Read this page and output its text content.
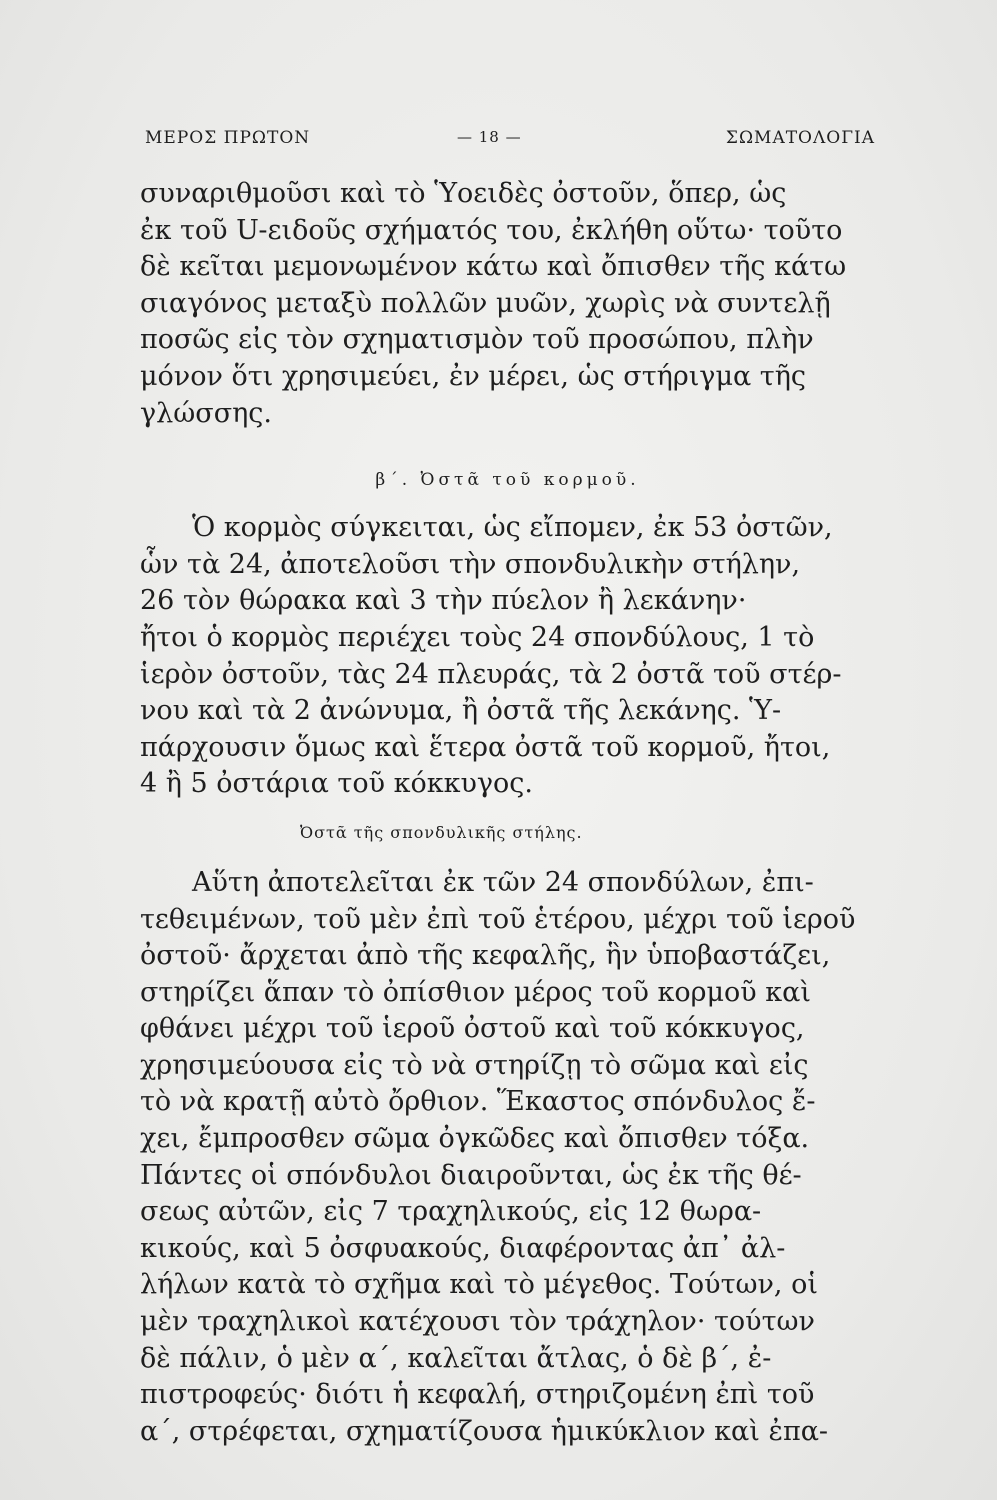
ΜΕΡΟΣ ΠΡΩΤΟΝ	— 18 —	ΣΩΜΑΤΟΛΟΓΙΑ
συναριθμοῦσι καὶ τὸ Ὑοειδὲς ὀστοῦν, ὅπερ, ὡς
ἐκ τοῦ U-ειδοῦς σχήματός του, ἐκλήθη οὕτω· τοῦτο
δὲ κεῖται μεμονωμένον κάτω καὶ ὄπισθεν τῆς κάτω
σιαγόνος μεταξὺ πολλῶν μυῶν, χωρὶς νὰ συντελῇ
ποσῶς εἰς τὸν σχηματισμὸν τοῦ προσώπου, πλὴν
μόνον ὅτι χρησιμεύει, ἐν μέρει, ὡς στήριγμα τῆς
γλώσσης.
β΄. Ὀστᾶ τοῦ κορμοῦ.
Ὁ κορμὸς σύγκειται, ὡς εἴπομεν, ἐκ 53 ὀστῶν,
ὧν τὰ 24, ἀποτελοῦσι τὴν σπονδυλικὴν στήλην,
26 τὸν θώρακα καὶ 3 τὴν πύελον ἢ λεκάνην·
ἤτοι ὁ κορμὸς περιέχει τοὺς 24 σπονδύλους, 1 τὸ
ἱερὸν ὀστοῦν, τὰς 24 πλευράς, τὰ 2 ὀστᾶ τοῦ στέρ-
νου καὶ τὰ 2 ἀνώνυμα, ἢ ὀστᾶ τῆς λεκάνης. Ὑ-
πάρχουσιν ὅμως καὶ ἕτερα ὀστᾶ τοῦ κορμοῦ, ἤτοι,
4 ἢ 5 ὀστάρια τοῦ κόκκυγος.
Ὀστᾶ τῆς σπονδυλικῆς στήλης.
Αὕτη ἀποτελεῖται ἐκ τῶν 24 σπονδύλων, ἐπι-
τεθειμένων, τοῦ μὲν ἐπὶ τοῦ ἑτέρου, μέχρι τοῦ ἱεροῦ
ὀστοῦ· ἄρχεται ἀπὸ τῆς κεφαλῆς, ἣν ὑποβαστάζει,
στηρίζει ἅπαν τὸ ὀπίσθιον μέρος τοῦ κορμοῦ καὶ
φθάνει μέχρι τοῦ ἱεροῦ ὀστοῦ καὶ τοῦ κόκκυγος,
χρησιμεύουσα εἰς τὸ νὰ στηρίζῃ τὸ σῶμα καὶ εἰς
τὸ νὰ κρατῇ αὐτὸ ὄρθιον. Ἕκαστος σπόνδυλος ἔ-
χει, ἔμπροσθεν σῶμα ὀγκῶδες καὶ ὄπισθεν τόξα.
Πάντες οἱ σπόνδυλοι διαιροῦνται, ὡς ἐκ τῆς θέ-
σεως αὐτῶν, εἰς 7 τραχηλικούς, εἰς 12 θωρα-
κικούς, καὶ 5 ὀσφυακούς, διαφέροντας ἀπ᾽ ἀλ-
λήλων κατὰ τὸ σχῆμα καὶ τὸ μέγεθος. Τούτων, οἱ
μὲν τραχηλικοὶ κατέχουσι τὸν τράχηλον· τούτων
δὲ πάλιν, ὁ μὲν α΄, καλεῖται ἄτλας, ὁ δὲ β΄, ἐ-
πιστροφεύς· διότι ἡ κεφαλή, στηριζομένη ἐπὶ τοῦ
α΄, στρέφεται, σχηματίζουσα ἡμικύκλιον καὶ ἐπα-
